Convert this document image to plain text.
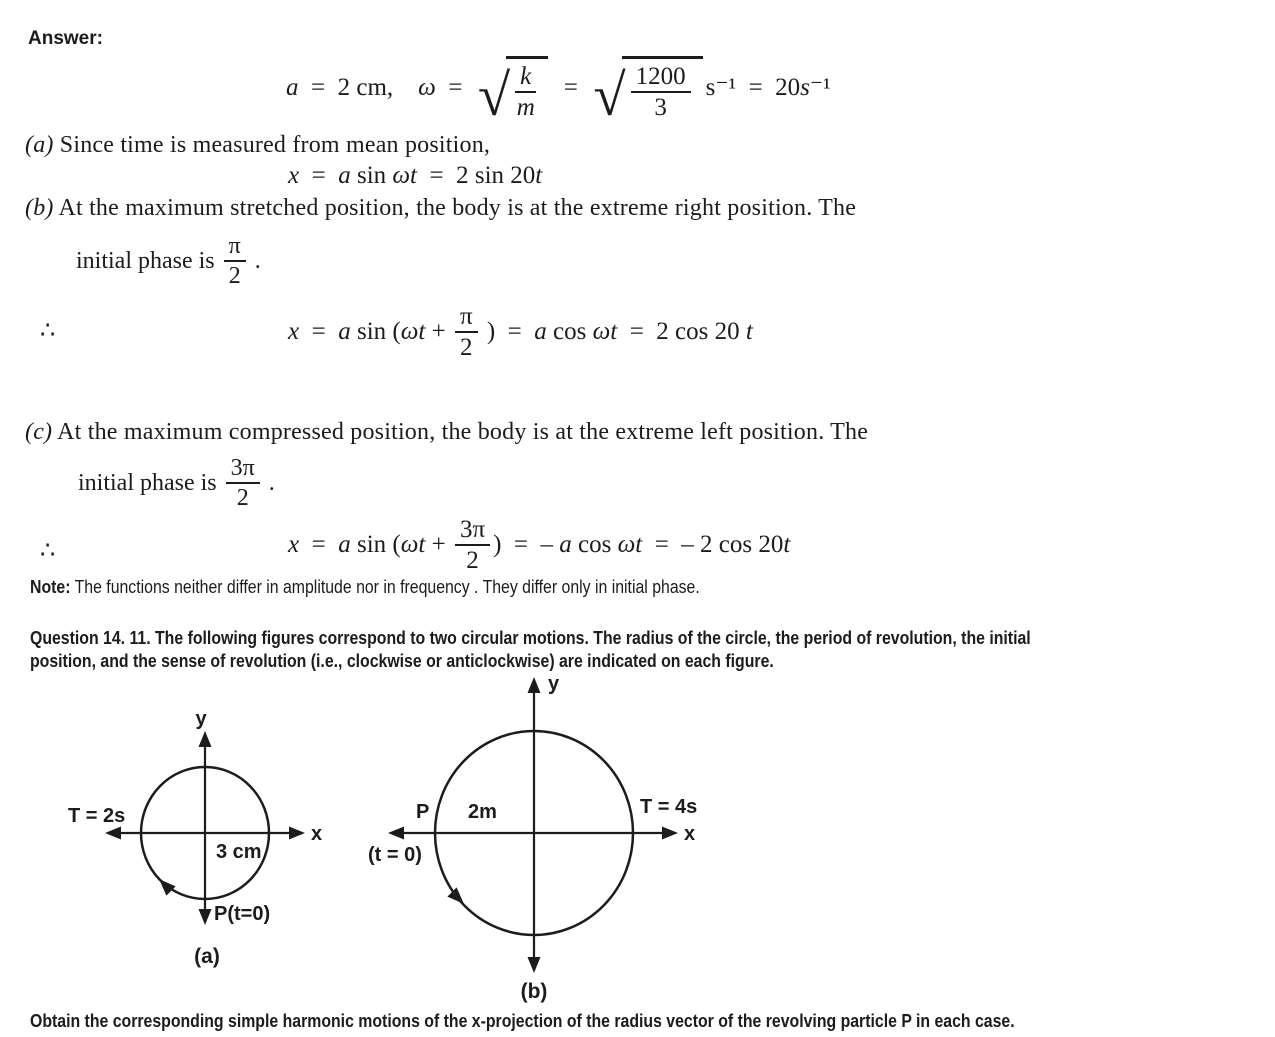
Answer:
a =  2 cm, ω = √ $\frac{k}{m}$ = √ $\frac{1200}{3} s^{-1} = 20$ s ⁻¹
(a) Since time is measured from mean position,
x = a sin ωt =  2 sin 20 t
(b) At the maximum stretched position, the body is at the extreme right position. The
initial phase is $\frac{\pi}{2}$ .
∴	x = a sin ( $\omega t + \frac{\pi}{2}$ )  = a cos ωt =  2 cos 20 t
(c) At the maximum compressed position, the body is at the extreme left position. The
initial phase is $\frac{3\pi}{2}$ .
∴	x = a sin ( $\omega t + \frac{3\pi}{2}$ )  =  – a cos ωt =  – 2 cos 20 t
Note: The functions neither differ in amplitude nor in frequency . They differ only in initial phase.
Question 14. 11. The following figures correspond to two circular motions. The radius of the circle, the period of revolution, the initial
position, and the sense of revolution (i.e., clockwise or anticlockwise) are indicated on each figure.
y
x
T = 2s
3 cm
P(t=0)
(a)
y
x
P 2m	T = 4s
(t = 0)
(b)
Obtain the corresponding simple harmonic motions of the x-projection of the radius vector of the revolving particle P in each case.
